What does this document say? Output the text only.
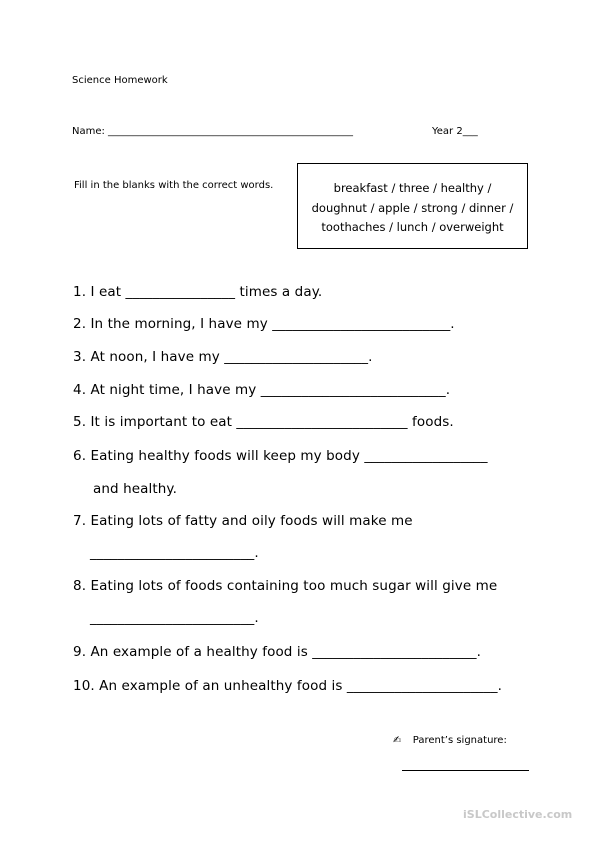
Science Homework
Name: _________________________________________________	Year 2___
Fill in the blanks with the correct words.	breakfast / three / healthy /
doughnut / apple / strong / dinner /
toothaches / lunch / overweight
1. I eat ________________ times a day.
2. In the morning, I have my __________________________.
3. At noon, I have my _____________________.
4. At night time, I have my ___________________________.
5. It is important to eat _________________________ foods.
6. Eating healthy foods will keep my body __________________
and healthy.
7. Eating lots of fatty and oily foods will make me
________________________.
8. Eating lots of foods containing too much sugar will give me
________________________.
9. An example of a healthy food is ________________________.
10. An example of an unhealthy food is ______________________.
✍ Parent’s signature:
iSLCollective.com
